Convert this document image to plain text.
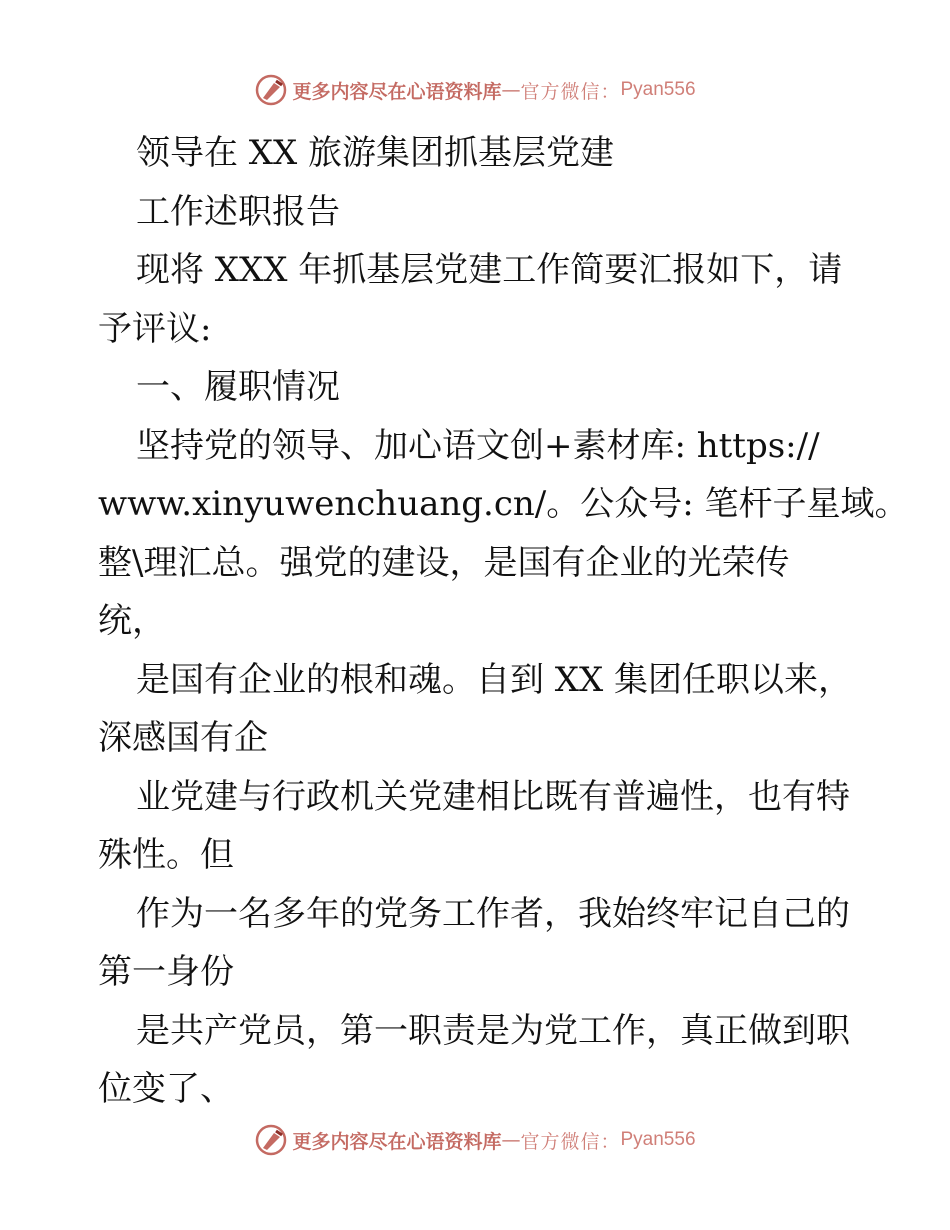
更多内容尽在心语资料库 — 官方微信： Pyan556
领导在 XX 旅游集团抓基层党建
工作述职报告
现将 XXX 年抓基层党建工作简要汇报如下，请
予评议:
一、履职情况
坚持党的领导、加心语文创+素材库: https://
www.xinyuwenchuang.cn/。公众号: 笔杆子星域。
整\理汇总。强党的建设，是国有企业的光荣传
统，
是国有企业的根和魂。自到 XX 集团任职以来，
深感国有企
业党建与行政机关党建相比既有普遍性，也有特
殊性。但
作为一名多年的党务工作者，我始终牢记自己的
第一身份
是共产党员，第一职责是为党工作，真正做到职
位变了、
更多内容尽在心语资料库 — 官方微信： Pyan556
